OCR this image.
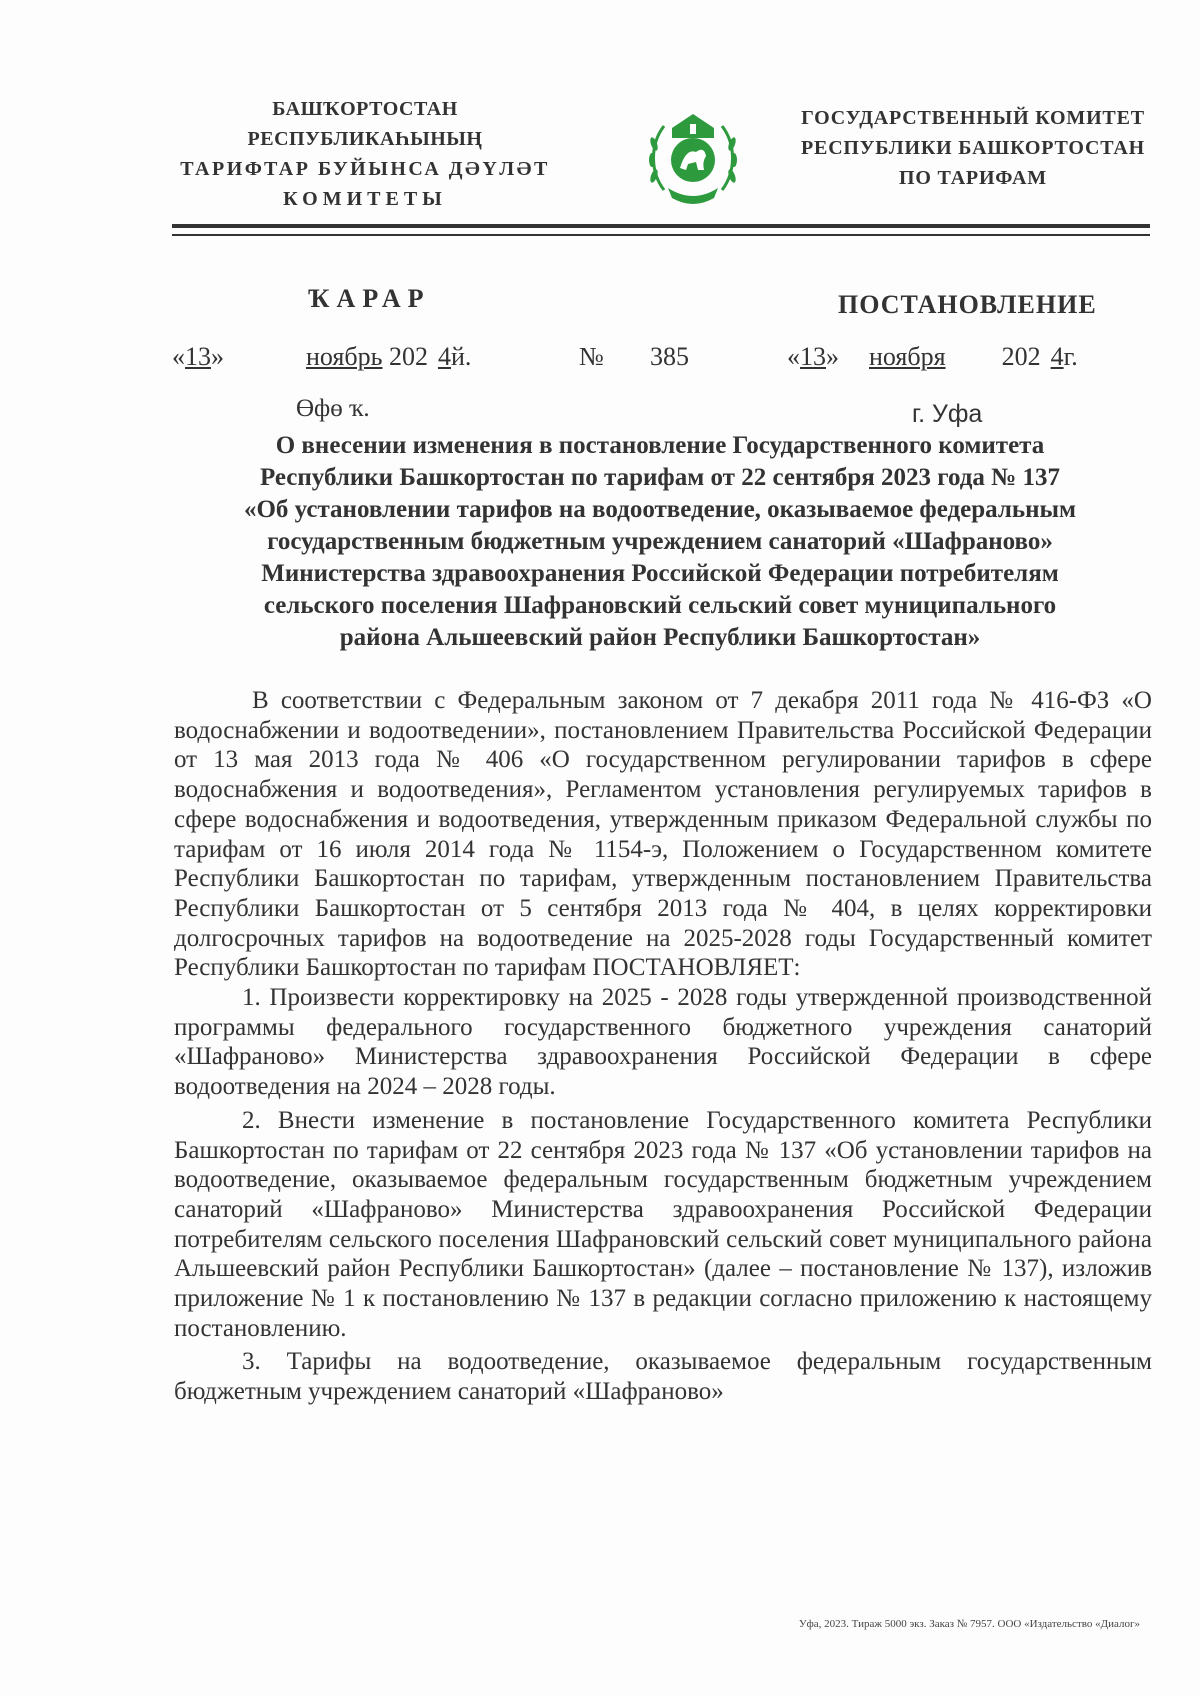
БАШҠОРТОСТАН РЕСПУБЛИКАҺЫНЫҢ
ТАРИФТАР БУЙЫНСА ДӘҮЛӘТ
КОМИТЕТЫ
ГОСУДАРСТВЕННЫЙ КОМИТЕТ
РЕСПУБЛИКИ БАШКОРТОСТАН
ПО ТАРИФАМ
ҠАРАР	ПОСТАНОВЛЕНИЕ
«13»	ноябрь 202 4й.	№ 385	«13» ноября 202 4г.
Өфө ҡ.	г. Уфа
О внесении изменения в постановление Государственного комитета
Республики Башкортостан по тарифам от 22 сентября 2023 года № 137
«Об установлении тарифов на водоотведение, оказываемое федеральным
государственным бюджетным учреждением санаторий «Шафраново»
Министерства здравоохранения Российской Федерации потребителям
сельского поселения Шафрановский сельский совет муниципального
района Альшеевский район Республики Башкортостан»

В соответствии с Федеральным законом от 7 декабря 2011 года № 416-ФЗ «О водоснабжении и водоотведении», постановлением Правительства Российской Федерации от 13 мая 2013 года № 406 «О государственном регулировании тарифов в сфере водоснабжения и водоотведения», Регламентом установления регулируемых тарифов в сфере водоснабжения и водоотведения, утвержденным приказом Федеральной службы по тарифам от 16 июля 2014 года № 1154-э, Положением о Государственном комитете Республики Башкортостан по тарифам, утвержденным постановлением Правительства Республики Башкортостан от 5 сентября 2013 года № 404, в целях корректировки долгосрочных тарифов на водоотведение на 2025-2028 годы Государственный комитет Республики Башкортостан по тарифам ПОСТАНОВЛЯЕТ:

1. Произвести корректировку на 2025 - 2028 годы утвержденной производственной программы федерального государственного бюджетного учреждения санаторий «Шафраново» Министерства здравоохранения Российской Федерации в сфере водоотведения на 2024 – 2028 годы.

2. Внести изменение в постановление Государственного комитета Республики Башкортостан по тарифам от 22 сентября 2023 года № 137 «Об установлении тарифов на водоотведение, оказываемое федеральным государственным бюджетным учреждением санаторий «Шафраново» Министерства здравоохранения Российской Федерации потребителям сельского поселения Шафрановский сельский совет муниципального района Альшеевский район Республики Башкортостан» (далее – постановление № 137), изложив приложение № 1 к постановлению № 137 в редакции согласно приложению к настоящему постановлению.

3. Тарифы на водоотведение, оказываемое федеральным государственным бюджетным учреждением санаторий «Шафраново»

Уфа, 2023. Тираж 5000 экз. Заказ № 7957. ООО «Издательство «Диалог»
